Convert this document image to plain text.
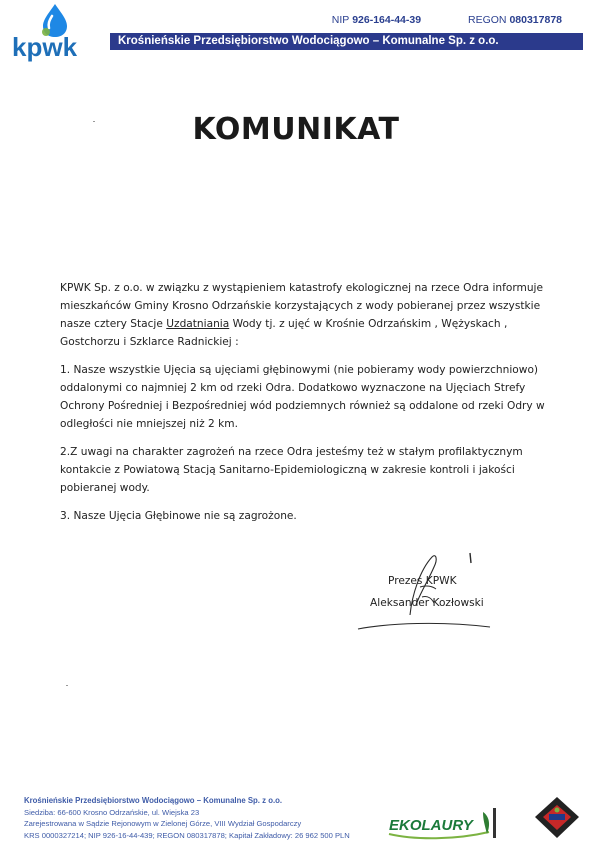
kpwk
NIP 926-164-44-39	REGON 080317878
Krośnieńskie Przedsiębiorstwo Wodociągowo – Komunalne Sp. z o.o.
KOMUNIKAT

KPWK Sp. z o.o. w związku z wystąpieniem katastrofy ekologicznej na rzece Odra informuje mieszkańców Gminy Krosno Odrzańskie korzystających z wody pobieranej przez wszystkie nasze cztery Stacje Uzdatniania Wody tj. z ujęć w Krośnie Odrzańskim , Wężyskach , Gostchorzu i Szklarce Radnickiej :

1. Nasze wszystkie Ujęcia są ujęciami głębinowymi (nie pobieramy wody powierzchniowo) oddalonymi co najmniej 2 km od rzeki Odra. Dodatkowo wyznaczone na Ujęciach Strefy Ochrony Pośredniej i Bezpośredniej wód podziemnych również są oddalone od rzeki Odry w odległości nie mniejszej niż 2 km.

2.Z uwagi na charakter zagrożeń na rzece Odra jesteśmy też w stałym profilaktycznym kontakcie z Powiatową Stacją Sanitarno-Epidemiologiczną w zakresie kontroli i jakości pobieranej wody.

3. Nasze Ujęcia Głębinowe nie są zagrożone.

Prezes KPWK
Aleksander Kozłowski
Krośnieńskie Przedsiębiorstwo Wodociągowo – Komunalne Sp. z o.o.
Siedziba: 66-600 Krosno Odrzańskie, ul. Wiejska 23
Zarejestrowana w Sądzie Rejonowym w Zielonej Górze, VIII Wydział Gospodarczy
KRS 0000327214; NIP 926-16-44-439; REGON 080317878; Kapitał Zakładowy: 26 962 500 PLN
EKOLAURY
